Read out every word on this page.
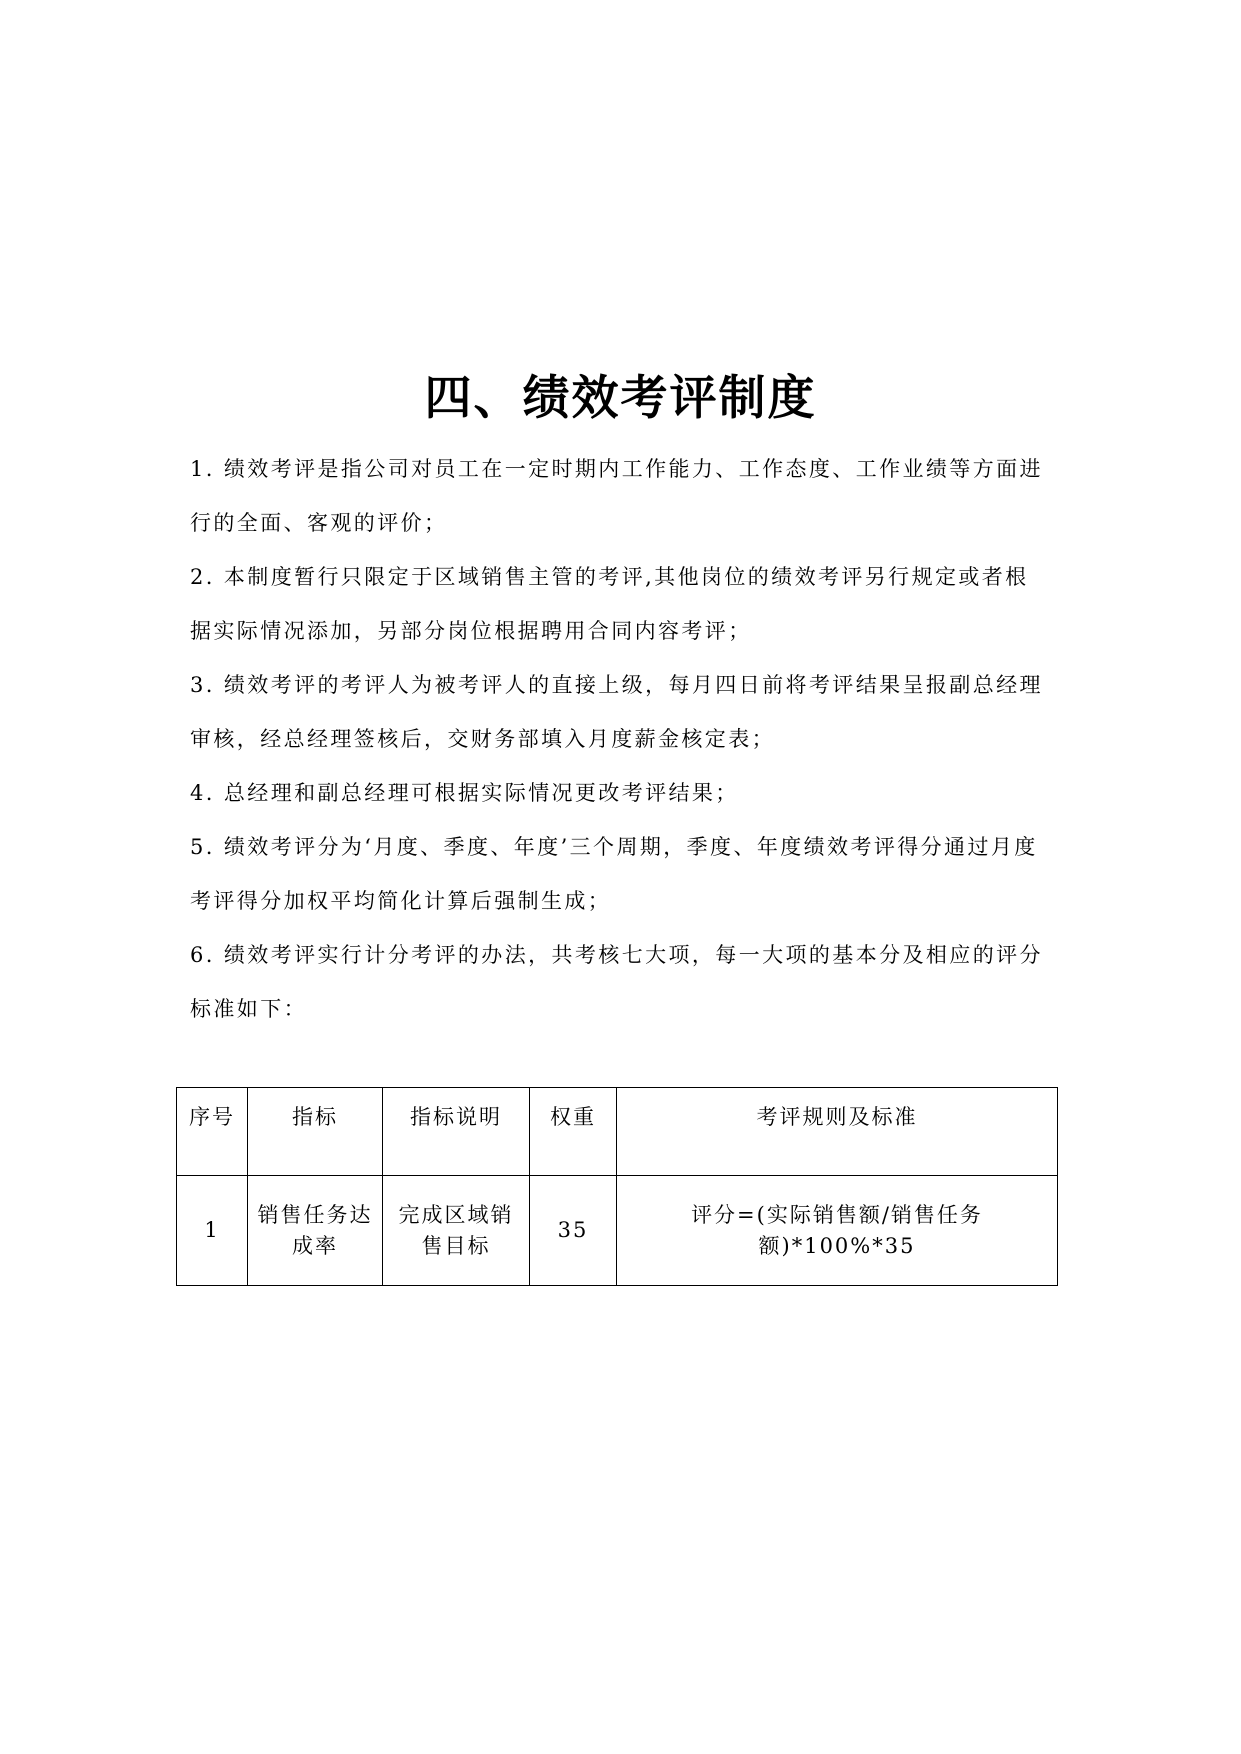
四、绩效考评制度

1. 绩效考评是指公司对员工在一定时期内工作能力、工作态度、工作业绩等方面进行的全面、客观的评价；

2. 本制度暂行只限定于区域销售主管的考评,其他岗位的绩效考评另行规定或者根据实际情况添加，另部分岗位根据聘用合同内容考评；

3. 绩效考评的考评人为被考评人的直接上级，每月四日前将考评结果呈报副总经理审核，经总经理签核后，交财务部填入月度薪金核定表；

4. 总经理和副总经理可根据实际情况更改考评结果；

5. 绩效考评分为‘月度、季度、年度’三个周期，季度、年度绩效考评得分通过月度考评得分加权平均简化计算后强制生成；

6. 绩效考评实行计分考评的办法，共考核七大项，每一大项的基本分及相应的评分标准如下：

序号	指标	指标说明	权重	考评规则及标准
1	销售任务达成率	完成区域销售目标	35	评分=(实际销售额/销售任务额)*100%*35
